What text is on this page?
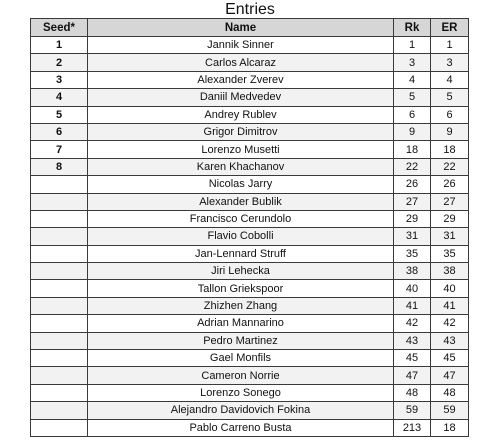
Entries
Seed*	Name	Rk	ER
1	Jannik Sinner	1	1
2	Carlos Alcaraz	3	3
3	Alexander Zverev	4	4
4	Daniil Medvedev	5	5
5	Andrey Rublev	6	6
6	Grigor Dimitrov	9	9
7	Lorenzo Musetti	18	18
8	Karen Khachanov	22	22
	Nicolas Jarry	26	26
	Alexander Bublik	27	27
	Francisco Cerundolo	29	29
	Flavio Cobolli	31	31
	Jan-Lennard Struff	35	35
	Jiri Lehecka	38	38
	Tallon Griekspoor	40	40
	Zhizhen Zhang	41	41
	Adrian Mannarino	42	42
	Pedro Martinez	43	43
	Gael Monfils	45	45
	Cameron Norrie	47	47
	Lorenzo Sonego	48	48
	Alejandro Davidovich Fokina	59	59
	Pablo Carreno Busta	213	18
